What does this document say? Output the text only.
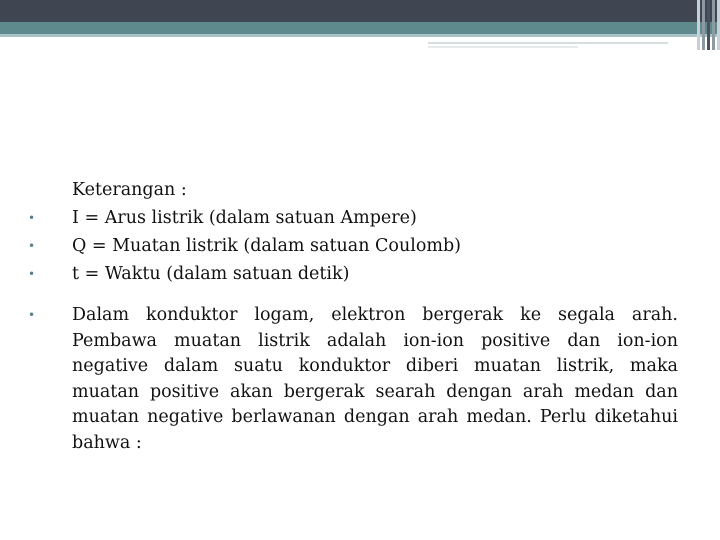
Keterangan :

•	I = Arus listrik (dalam satuan Ampere)
•	Q = Muatan listrik (dalam satuan Coulomb)
•	t = Waktu (dalam satuan detik)
•	Dalam konduktor logam, elektron bergerak ke segala arah. Pembawa muatan listrik adalah ion-ion positive dan ion-ion negative dalam suatu konduktor diberi muatan listrik, maka muatan positive akan bergerak searah dengan arah medan dan muatan negative berlawanan dengan arah medan. Perlu diketahui bahwa :
